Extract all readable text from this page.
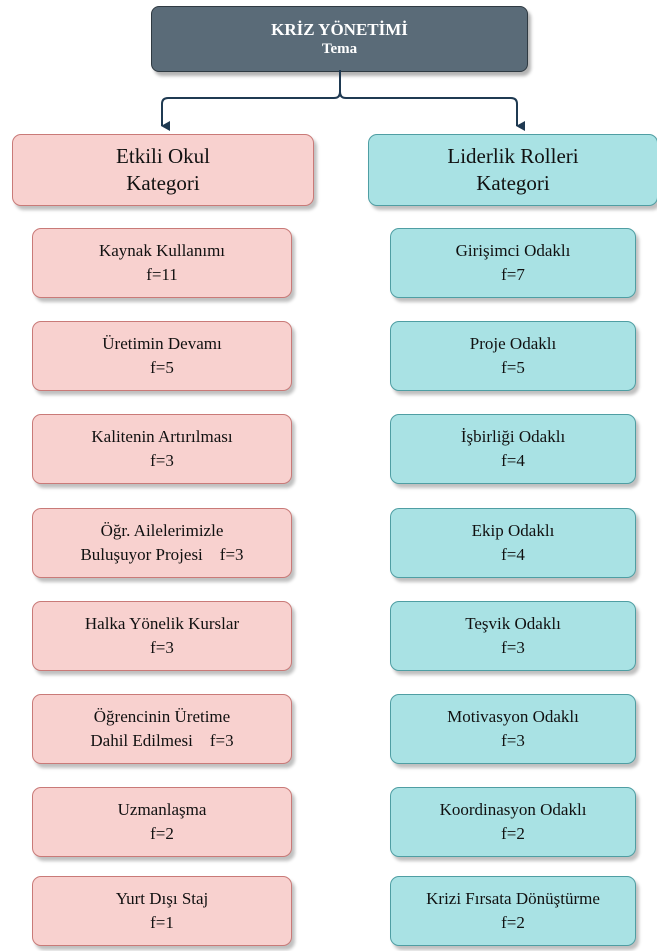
KRİZ YÖNETİMİ
Tema
Etkili Okul
Kategori
Liderlik Rolleri
Kategori
Kaynak Kullanımı
f=11
Üretimin Devamı
f=5
Kalitenin Artırılması
f=3
Öğr. Ailelerimizle
Buluşuyor Projesi    f=3
Halka Yönelik Kurslar
f=3
Öğrencinin Üretime
Dahil Edilmesi    f=3
Uzmanlaşma
f=2
Yurt Dışı Staj
f=1
Girişimci Odaklı
f=7
Proje Odaklı
f=5
İşbirliği Odaklı
f=4
Ekip Odaklı
f=4
Teşvik Odaklı
f=3
Motivasyon Odaklı
f=3
Koordinasyon Odaklı
f=2
Krizi Fırsata Dönüştürme
f=2
